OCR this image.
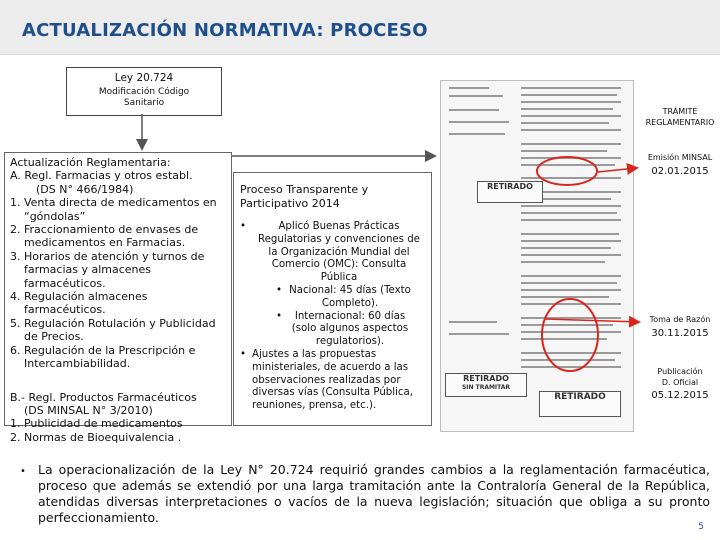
ACTUALIZACIÓN NORMATIVA: PROCESO
Ley 20.724
Modificación Código
Sanitario
Actualización Reglamentaria:
A. Regl. Farmacias y otros establ.
(DS N° 466/1984)
1. Venta directa de medicamentos en “góndolas”
2. Fraccionamiento de envases de medicamentos en Farmacias.
3. Horarios de atención y turnos de farmacias y almacenes farmacéuticos.
4. Regulación almacenes farmacéuticos.
5. Regulación Rotulación y Publicidad de Precios.
6. Regulación de la Prescripción e Intercambiabilidad.
B.- Regl. Productos Farmacéuticos
(DS MINSAL N° 3/2010)
1. Publicidad de medicamentos
2. Normas de Bioequivalencia .
Proceso Transparente y Participativo 2014
•	Aplicó Buenas Prácticas Regulatorias y convenciones de la Organización Mundial del Comercio (OMC): Consulta Pública
• Nacional: 45 días (Texto Completo).
•	Internacional: 60 días (solo algunos aspectos regulatorios).
• Ajustes a las propuestas ministeriales, de acuerdo a las observaciones realizadas por diversas vías (Consulta Pública, reuniones, prensa, etc.).
RETIRADO
RETIRADO
SIN TRAMITAR
RETIRADO
TRÁMITE
REGLAMENTARIO
Emisión MINSAL
02.01.2015
Toma de Razón
30.11.2015
Publicación
D. Oficial
05.12.2015
• La operacionalización de la Ley N° 20.724 requirió grandes cambios a la reglamentación farmacéutica, proceso que además se extendió por una larga tramitación ante la Contraloría General de la República, atendidas diversas interpretaciones o vacíos de la nueva legislación; situación que obliga a su pronto perfeccionamiento.
5
